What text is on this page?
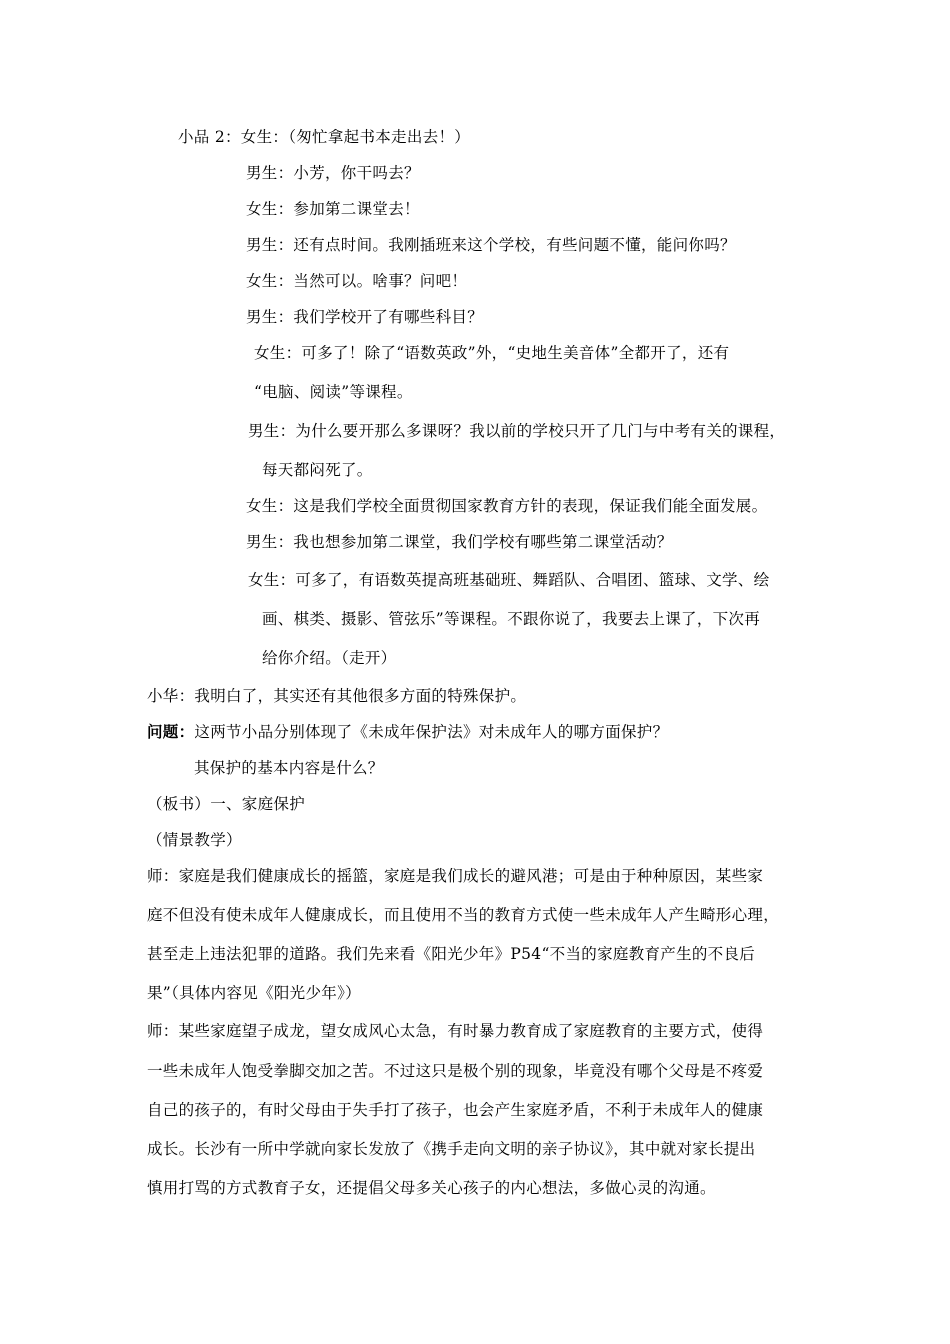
小品 2：女生：（匆忙拿起书本走出去！）
男生：小芳，你干吗去？
女生：参加第二课堂去！
男生：还有点时间。我刚插班来这个学校，有些问题不懂，能问你吗？
女生：当然可以。啥事？问吧！
男生：我们学校开了有哪些科目？
女生：可多了！除了“语数英政”外，“史地生美音体”全都开了，还有
“电脑、阅读”等课程。
男生：为什么要开那么多课呀？我以前的学校只开了几门与中考有关的课程，
每天都闷死了。
女生：这是我们学校全面贯彻国家教育方针的表现，保证我们能全面发展。
男生：我也想参加第二课堂，我们学校有哪些第二课堂活动？
女生：可多了，有语数英提高班基础班、舞蹈队、合唱团、篮球、文学、绘
画、棋类、摄影、管弦乐”等课程。不跟你说了，我要去上课了，下次再
给你介绍。（走开）
小华：我明白了，其实还有其他很多方面的特殊保护。
问题：这两节小品分别体现了《未成年保护法》对未成年人的哪方面保护？
其保护的基本内容是什么？
（板书）一、家庭保护
（情景教学）
师：家庭是我们健康成长的摇篮，家庭是我们成长的避风港；可是由于种种原因，某些家
庭不但没有使未成年人健康成长，而且使用不当的教育方式使一些未成年人产生畸形心理，
甚至走上违法犯罪的道路。我们先来看《阳光少年》P54“不当的家庭教育产生的不良后
果”（具体内容见《阳光少年》）
师：某些家庭望子成龙，望女成风心太急，有时暴力教育成了家庭教育的主要方式，使得
一些未成年人饱受拳脚交加之苦。不过这只是极个别的现象，毕竟没有哪个父母是不疼爱
自己的孩子的，有时父母由于失手打了孩子，也会产生家庭矛盾，不利于未成年人的健康
成长。长沙有一所中学就向家长发放了《携手走向文明的亲子协议》，其中就对家长提出
慎用打骂的方式教育子女，还提倡父母多关心孩子的内心想法，多做心灵的沟通。
